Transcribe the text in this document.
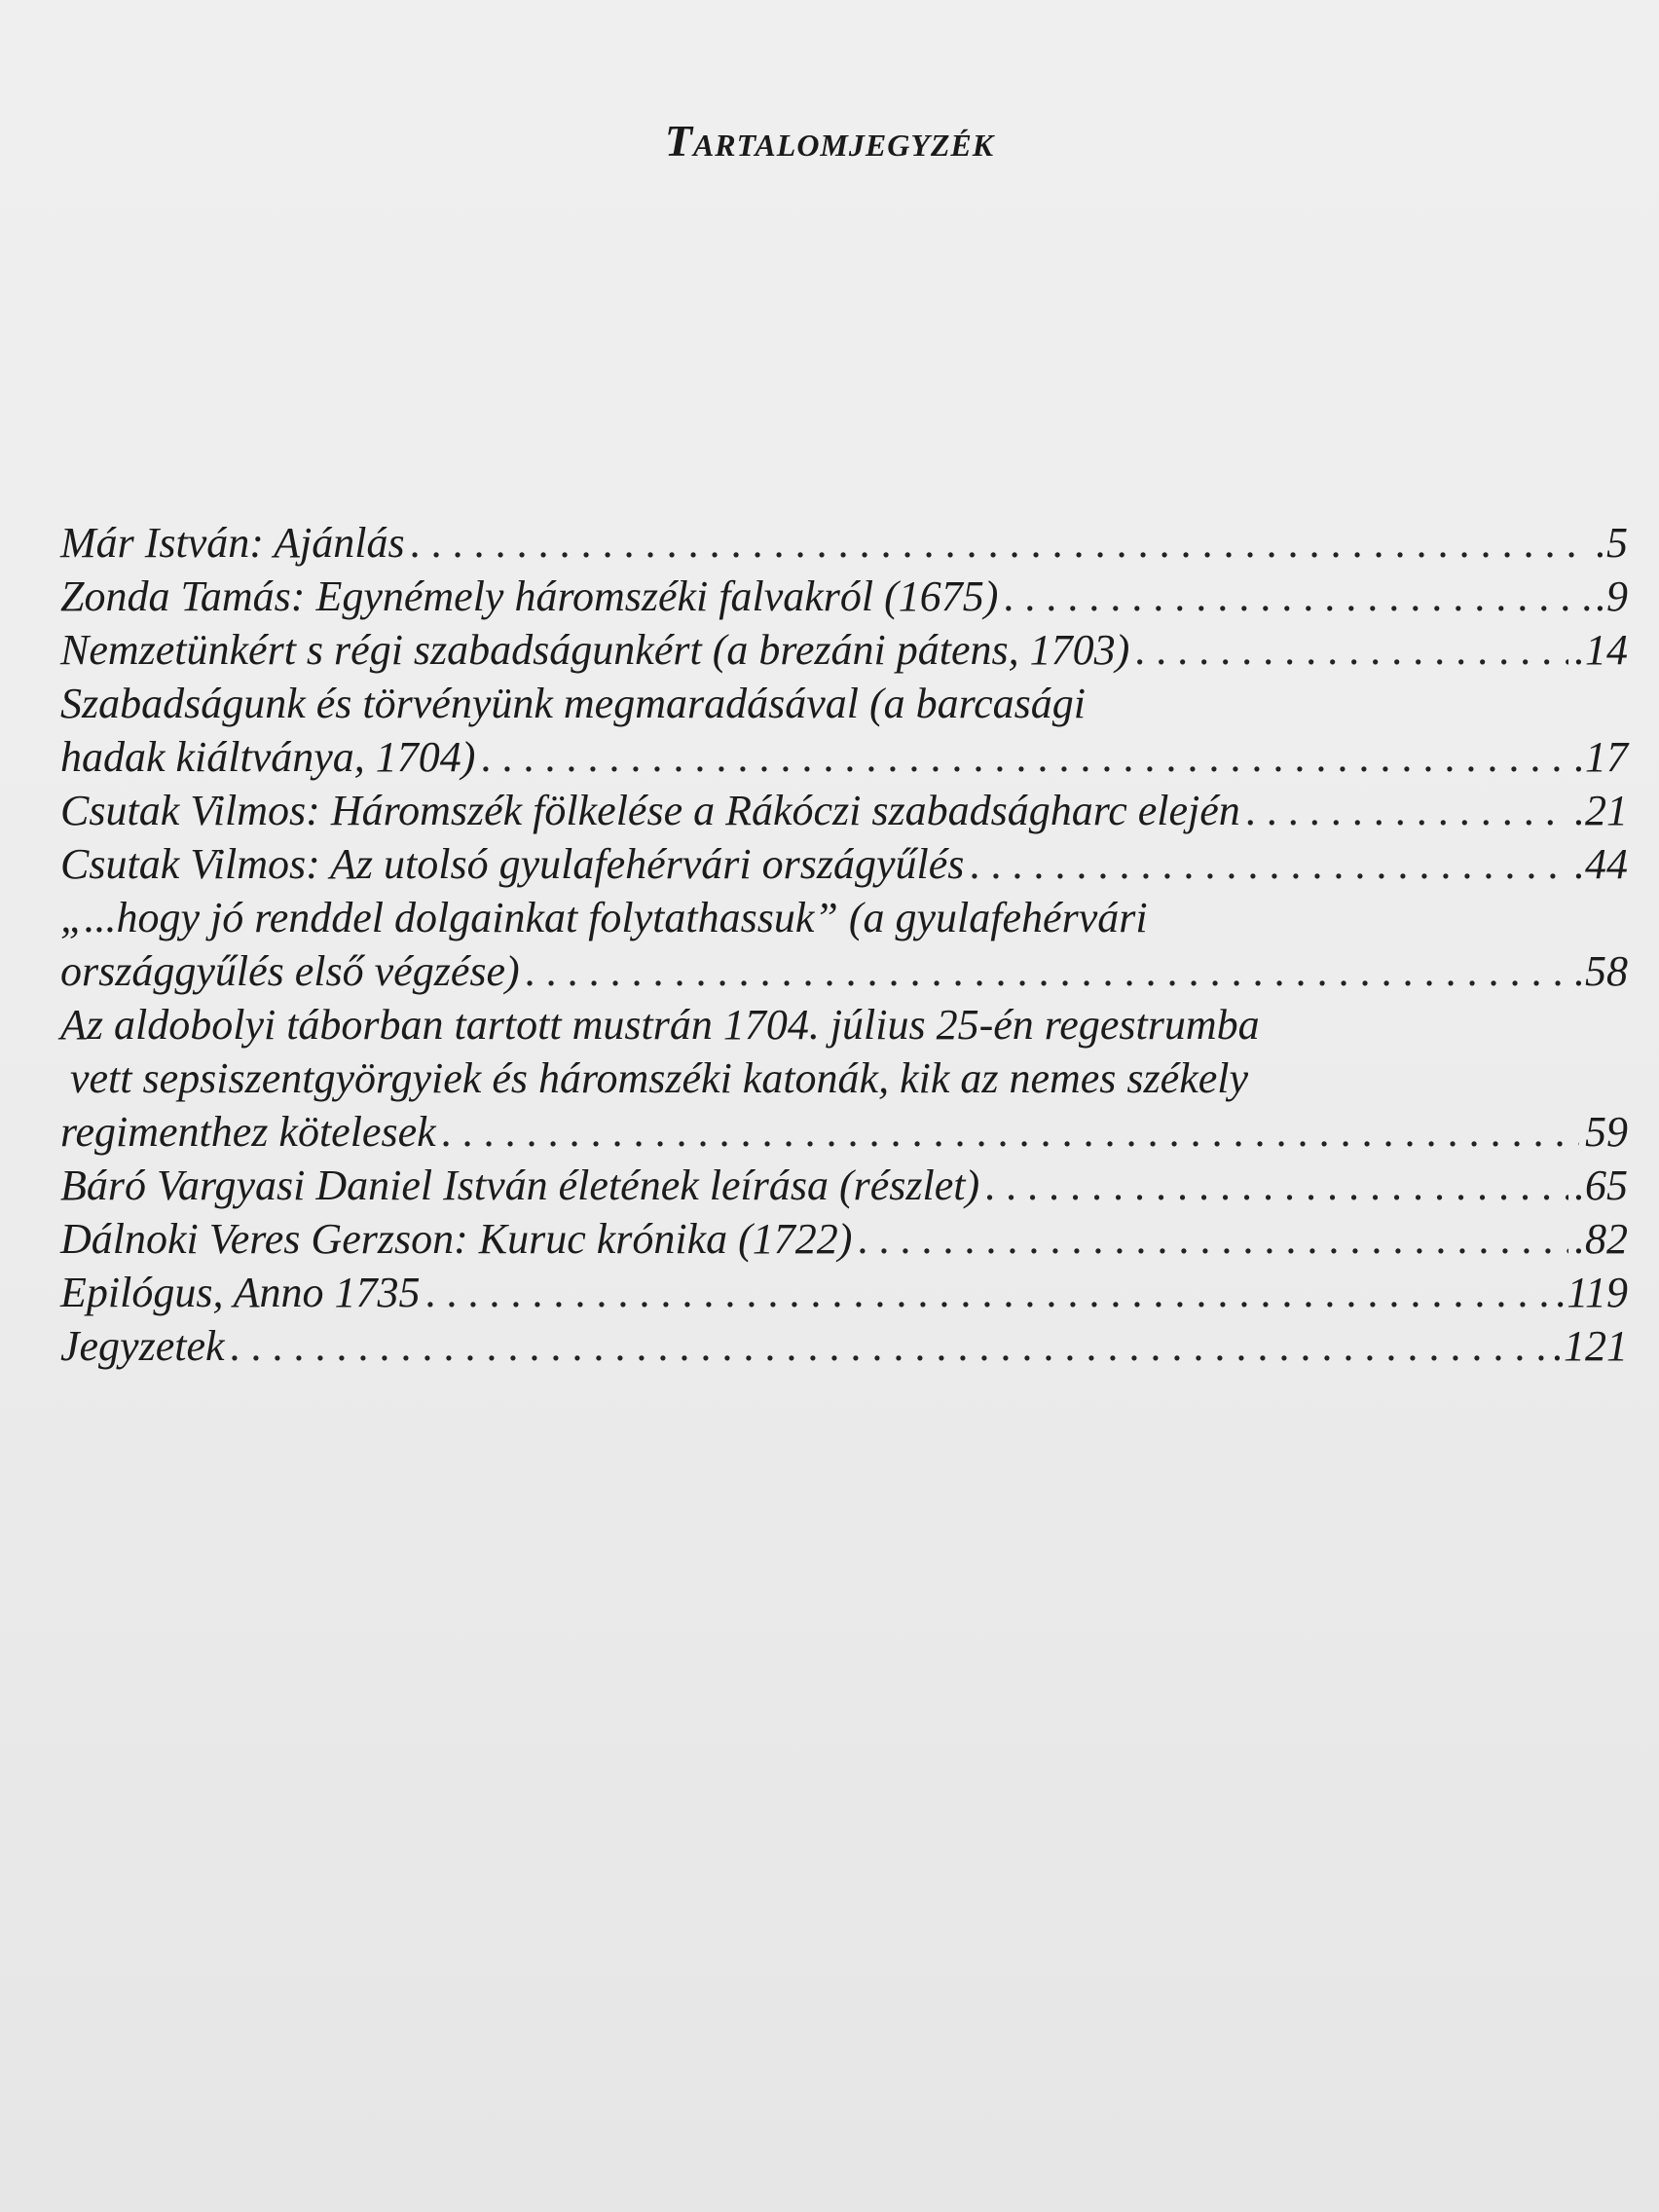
Tartalomjegyzék
Már István: Ajánlás . . .	.5
Zonda Tamás: Egynémely háromszéki falvakról (1675) . . .	.9
Nemzetünkért s régi szabadságunkért (a brezáni pátens, 1703) . . .	.14
Szabadságunk és törvényünk megmaradásával (a barcasági
hadak kiáltványa, 1704) . . .	.17
Csutak Vilmos: Háromszék fölkelése a Rákóczi szabadságharc elején . . .	.21
Csutak Vilmos: Az utolsó gyulafehérvári országyűlés . . .	.44
„...hogy jó renddel dolgainkat folytathassuk” (a gyulafehérvári
országgyűlés első végzése) . . .	.58
Az aldobolyi táborban tartott mustrán 1704. július 25-én regestrumba
vett sepsiszentgyörgyiek és háromszéki katonák, kik az nemes székely
regimenthez kötelesek . . .	59
Báró Vargyasi Daniel István életének leírása (részlet) . . .	.65
Dálnoki Veres Gerzson: Kuruc krónika (1722) . . .	.82
Epilógus, Anno 1735 . . .	.119
Jegyzetek . . .	.121
